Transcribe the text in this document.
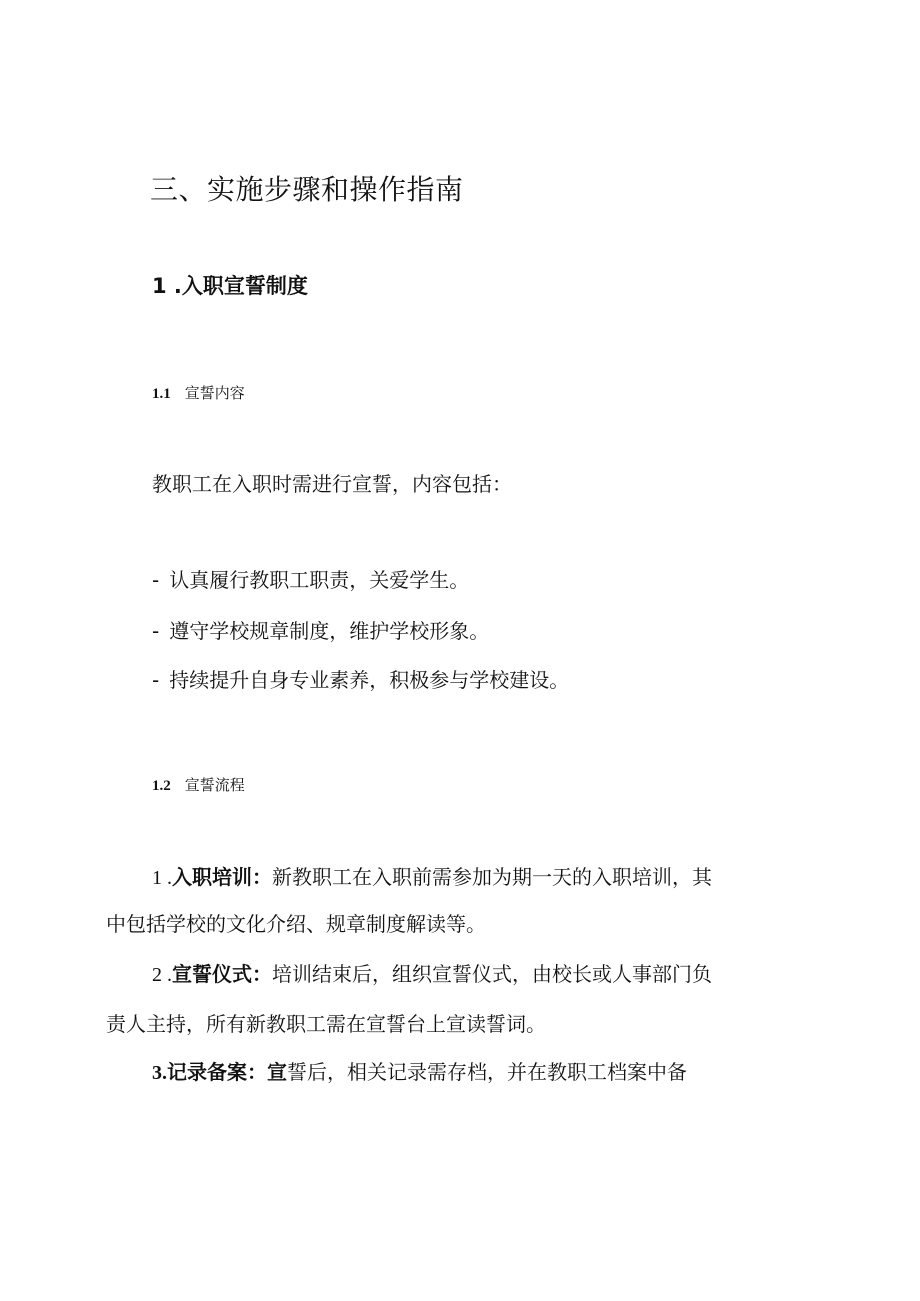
三、实施步骤和操作指南
1 .入职宣誓制度
1.1 宣誓内容
教职工在入职时需进行宣誓，内容包括：
- 认真履行教职工职责，关爱学生。
- 遵守学校规章制度，维护学校形象。
- 持续提升自身专业素养，积极参与学校建设。
1.2 宣誓流程
1 .入职培训：新教职工在入职前需参加为期一天的入职培训，其
中包括学校的文化介绍、规章制度解读等。
2 .宣誓仪式：培训结束后，组织宣誓仪式，由校长或人事部门负
责人主持，所有新教职工需在宣誓台上宣读誓词。
3.记录备案：宣誓后，相关记录需存档，并在教职工档案中备
